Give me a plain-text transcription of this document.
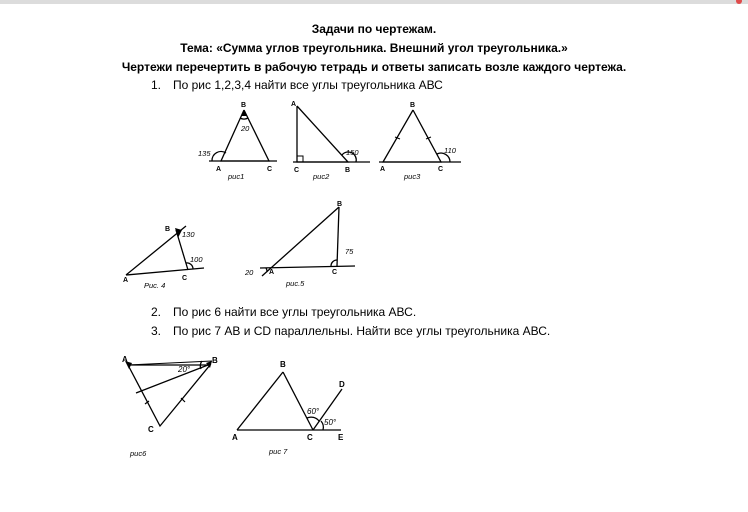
Задачи по чертежам.
Тема: «Сумма углов треугольника. Внешний угол треугольника.»
Чертежи перечертить в рабочую тетрадь и ответы записать возле каждого чертежа.
1. По рис 1,2,3,4 найти все углы треугольника АВС
2. По рис 6 найти все углы треугольника АВС.
3. По рис 7 АВ и CD параллельны. Найти все углы треугольника АВС.
B
A	C
20
135
рис1
A
C	B
150
рис2
B
A	C
110
рис3
B
A	C
130
100
Рис. 4
B
A	C
75
20
рис.5
A	B
C
20°
рис6
B
D
A	C	E
60°
50°
рис 7
